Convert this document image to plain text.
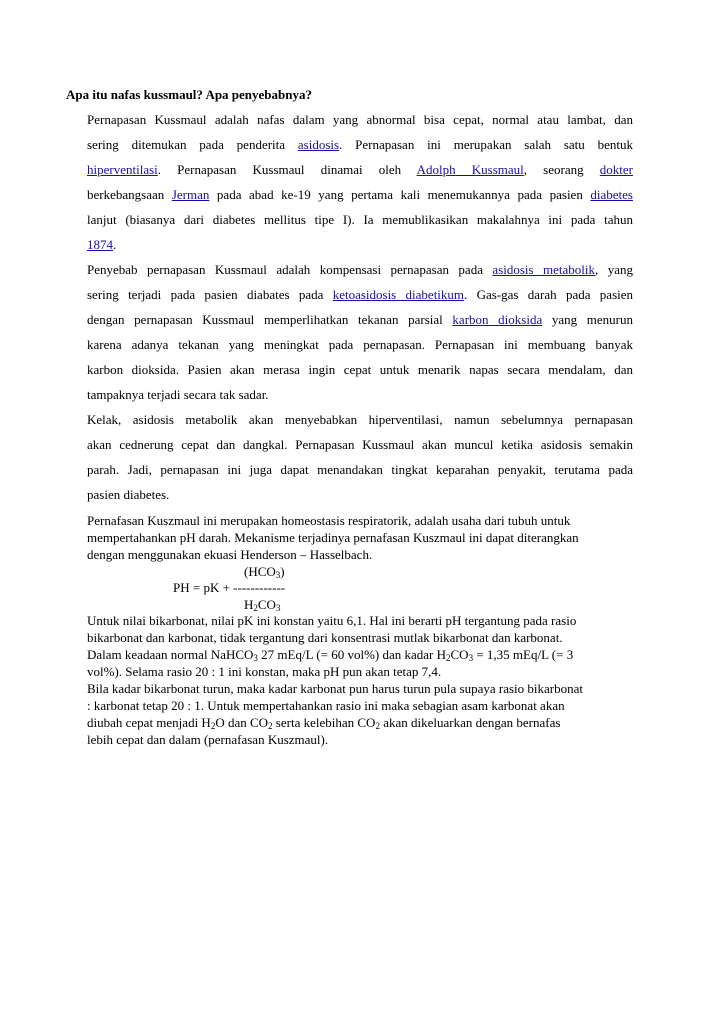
Apa itu nafas kussmaul? Apa penyebabnya?
Pernapasan Kussmaul adalah nafas dalam yang abnormal bisa cepat, normal atau lambat, dan
sering ditemukan pada penderita asidosis. Pernapasan ini merupakan salah satu bentuk
hiperventilasi. Pernapasan Kussmaul dinamai oleh Adolph Kussmaul, seorang dokter
berkebangsaan Jerman pada abad ke-19 yang pertama kali menemukannya pada pasien diabetes
lanjut (biasanya dari diabetes mellitus tipe I). Ia memublikasikan makalahnya ini pada tahun
1874.
Penyebab pernapasan Kussmaul adalah kompensasi pernapasan pada asidosis metabolik, yang
sering terjadi pada pasien diabates pada ketoasidosis diabetikum. Gas-gas darah pada pasien
dengan pernapasan Kussmaul memperlihatkan tekanan parsial karbon dioksida yang menurun
karena adanya tekanan yang meningkat pada pernapasan. Pernapasan ini membuang banyak
karbon dioksida. Pasien akan merasa ingin cepat untuk menarik napas secara mendalam, dan
tampaknya terjadi secara tak sadar.
Kelak, asidosis metabolik akan menyebabkan hiperventilasi, namun sebelumnya pernapasan
akan cednerung cepat dan dangkal. Pernapasan Kussmaul akan muncul ketika asidosis semakin
parah. Jadi, pernapasan ini juga dapat menandakan tingkat keparahan penyakit, terutama pada
pasien diabetes.
Pernafasan Kuszmaul ini merupakan homeostasis respiratorik, adalah usaha dari tubuh untuk
mempertahankan pH darah. Mekanisme terjadinya pernafasan Kuszmaul ini dapat diterangkan
dengan menggunakan ekuasi Henderson – Hasselbach.
$(HCO_3)$
PH = pK + ------------
$H_2CO_3$
Untuk nilai bikarbonat, nilai pK ini konstan yaitu 6,1. Hal ini berarti pH tergantung pada rasio
bikarbonat dan karbonat, tidak tergantung dari konsentrasi mutlak bikarbonat dan karbonat.
Dalam keadaan normal NaHCO$_3$ 27 mEq/L (= 60 vol%) dan kadar $H_2CO_3 = 1,35$ mEq/L (= 3
vol%). Selama rasio 20 : 1 ini konstan, maka pH pun akan tetap 7,4.
Bila kadar bikarbonat turun, maka kadar karbonat pun harus turun pula supaya rasio bikarbonat
: karbonat tetap 20 : 1. Untuk mempertahankan rasio ini maka sebagian asam karbonat akan
diubah cepat menjadi $H_2O$ dan $CO_2$ serta kelebihan $CO_2$ akan dikeluarkan dengan bernafas
lebih cepat dan dalam (pernafasan Kuszmaul).
